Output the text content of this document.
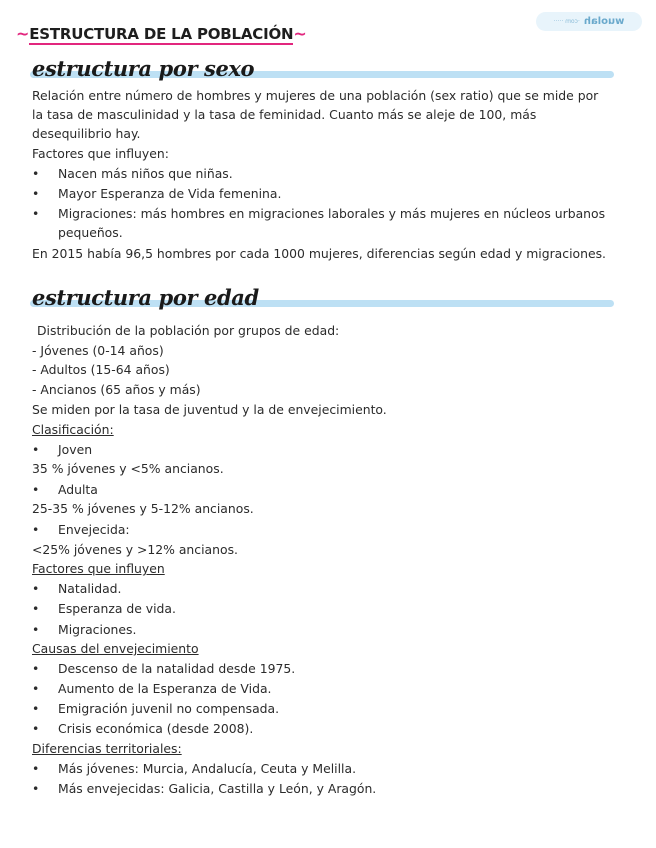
wuolah
·com ·····
~ESTRUCTURA DE LA POBLACIÓN~
estructura por sexo
Relación entre número de hombres y mujeres de una población (sex ratio) que se mide por
la tasa de masculinidad y la tasa de feminidad. Cuanto más se aleje de 100, más
desequilibrio hay.
Factores que influyen:
• Nacen más niños que niñas.
• Mayor Esperanza de Vida femenina.
• Migraciones: más hombres en migraciones laborales y más mujeres en núcleos urbanos
pequeños.
En 2015 había 96,5 hombres por cada 1000 mujeres, diferencias según edad y migraciones.
estructura por edad
Distribución de la población por grupos de edad:
- Jóvenes (0-14 años)
- Adultos (15-64 años)
- Ancianos (65 años y más)
Se miden por la tasa de juventud y la de envejecimiento.
Clasificación:
• Joven
35 % jóvenes y <5% ancianos.
• Adulta
25-35 % jóvenes y 5-12% ancianos.
• Envejecida:
<25% jóvenes y >12% ancianos.
Factores que influyen
• Natalidad.
• Esperanza de vida.
• Migraciones.
Causas del envejecimiento
• Descenso de la natalidad desde 1975.
• Aumento de la Esperanza de Vida.
• Emigración juvenil no compensada.
• Crisis económica (desde 2008).
Diferencias territoriales:
• Más jóvenes: Murcia, Andalucía, Ceuta y Melilla.
• Más envejecidas: Galicia, Castilla y León, y Aragón.
